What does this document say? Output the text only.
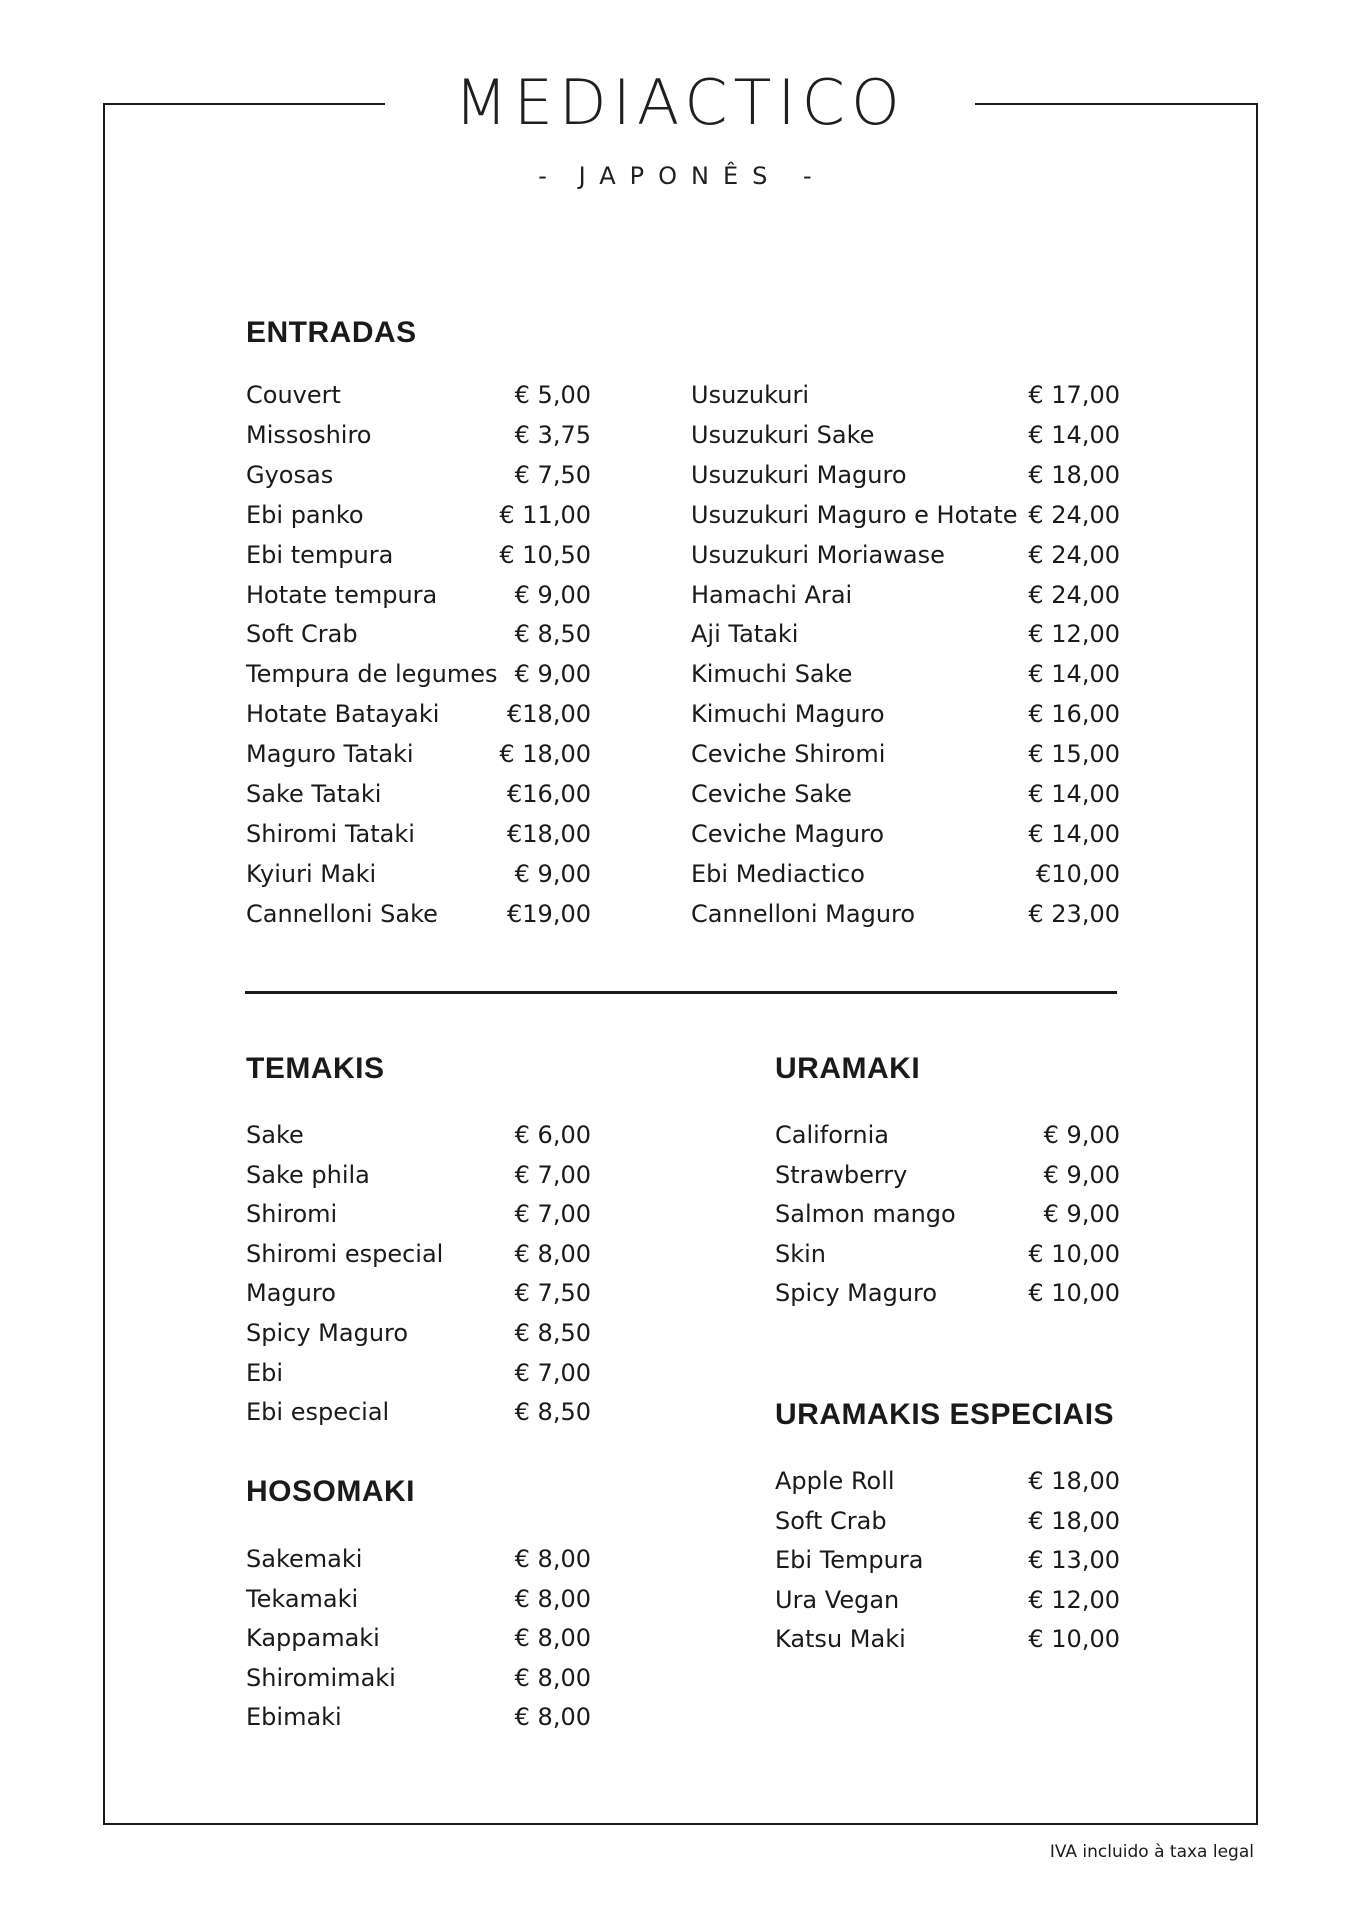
MEDIACTICO
- JAPONÊS -
ENTRADAS
Couvert	€ 5,00
Missoshiro	€ 3,75
Gyosas	€ 7,50
Ebi panko	€ 11,00
Ebi tempura	€ 10,50
Hotate tempura	€ 9,00
Soft Crab	€ 8,50
Tempura de legumes € 9,00
Hotate Batayaki	€18,00
Maguro Tataki	€ 18,00
Sake Tataki	€16,00
Shiromi Tataki	€18,00
Kyiuri Maki	€ 9,00
Cannelloni Sake	€19,00
Usuzukuri	€ 17,00
Usuzukuri Sake	€ 14,00
Usuzukuri Maguro	€ 18,00
Usuzukuri Maguro e Hotate € 24,00
Usuzukuri Moriawase	€ 24,00
Hamachi Arai	€ 24,00
Aji Tataki	€ 12,00
Kimuchi Sake	€ 14,00
Kimuchi Maguro	€ 16,00
Ceviche Shiromi	€ 15,00
Ceviche Sake	€ 14,00
Ceviche Maguro	€ 14,00
Ebi Mediactico	€10,00
Cannelloni Maguro	€ 23,00
TEMAKIS
Sake	€ 6,00
Sake phila	€ 7,00
Shiromi	€ 7,00
Shiromi especial	€ 8,00
Maguro	€ 7,50
Spicy Maguro	€ 8,50
Ebi	€ 7,00
Ebi especial	€ 8,50
HOSOMAKI
Sakemaki	€ 8,00
Tekamaki	€ 8,00
Kappamaki	€ 8,00
Shiromimaki	€ 8,00
Ebimaki	€ 8,00
URAMAKI
California	€ 9,00
Strawberry	€ 9,00
Salmon mango	€ 9,00
Skin	€ 10,00
Spicy Maguro	€ 10,00
URAMAKIS ESPECIAIS
Apple Roll	€ 18,00
Soft Crab	€ 18,00
Ebi Tempura	€ 13,00
Ura Vegan	€ 12,00
Katsu Maki	€ 10,00
IVA incluido à taxa legal
